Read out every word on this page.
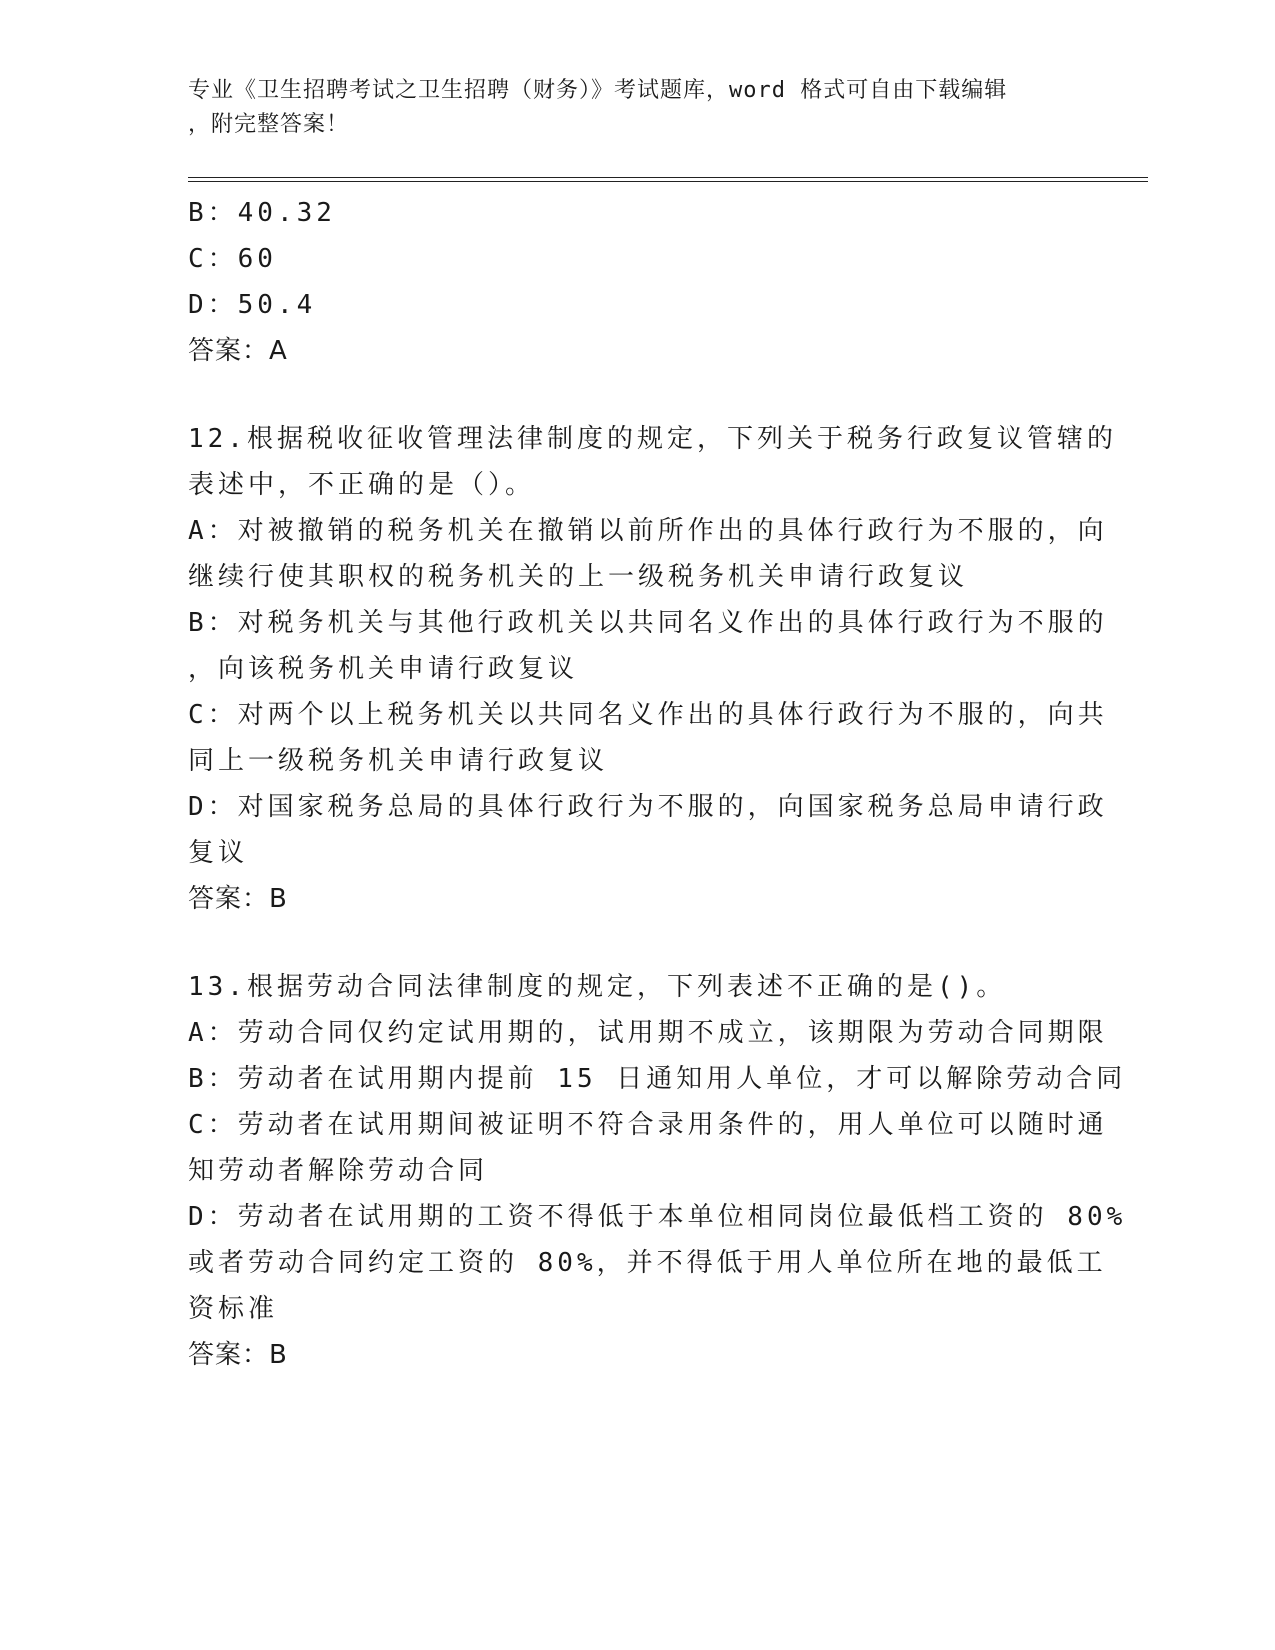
专业《卫生招聘考试之卫生招聘（财务）》考试题库，word 格式可自由下载编辑
，附完整答案！
B：40.32
C：60
D：50.4
答案：A
12.根据税收征收管理法律制度的规定，下列关于税务行政复议管辖的
表述中，不正确的是（）。
A：对被撤销的税务机关在撤销以前所作出的具体行政行为不服的，向
继续行使其职权的税务机关的上一级税务机关申请行政复议
B：对税务机关与其他行政机关以共同名义作出的具体行政行为不服的
，向该税务机关申请行政复议
C：对两个以上税务机关以共同名义作出的具体行政行为不服的，向共
同上一级税务机关申请行政复议
D：对国家税务总局的具体行政行为不服的，向国家税务总局申请行政
复议
答案：B
13.根据劳动合同法律制度的规定，下列表述不正确的是()。
A：劳动合同仅约定试用期的，试用期不成立，该期限为劳动合同期限
B：劳动者在试用期内提前 15 日通知用人单位，才可以解除劳动合同
C：劳动者在试用期间被证明不符合录用条件的，用人单位可以随时通
知劳动者解除劳动合同
D：劳动者在试用期的工资不得低于本单位相同岗位最低档工资的 80%
或者劳动合同约定工资的 80%，并不得低于用人单位所在地的最低工
资标准
答案：B
